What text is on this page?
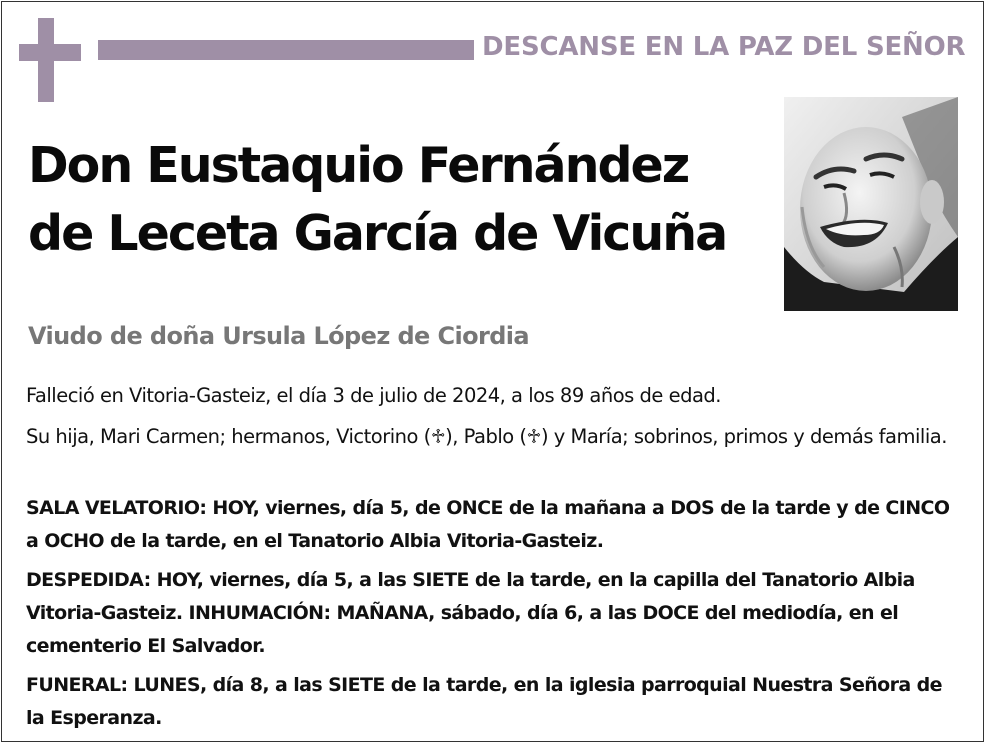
DESCANSE EN LA PAZ DEL SEÑOR
Don Eustaquio Fernández
de Leceta García de Vicuña
Viudo de doña Ursula López de Ciordia
Falleció en Vitoria-Gasteiz, el día 3 de julio de 2024, a los 89 años de edad.
Su hija, Mari Carmen; hermanos, Victorino (♱), Pablo (♱) y María; sobrinos, primos y demás familia.
SALA VELATORIO: HOY, viernes, día 5, de ONCE de la mañana a DOS de la tarde y de CINCO a OCHO de la tarde, en el Tanatorio Albia Vitoria-Gasteiz.
DESPEDIDA: HOY, viernes, día 5, a las SIETE de la tarde, en la capilla del Tanatorio Albia Vitoria-Gasteiz. INHUMACIÓN: MAÑANA, sábado, día 6, a las DOCE del mediodía, en el cementerio El Salvador.
FUNERAL: LUNES, día 8, a las SIETE de la tarde, en la iglesia parroquial Nuestra Señora de la Esperanza.
